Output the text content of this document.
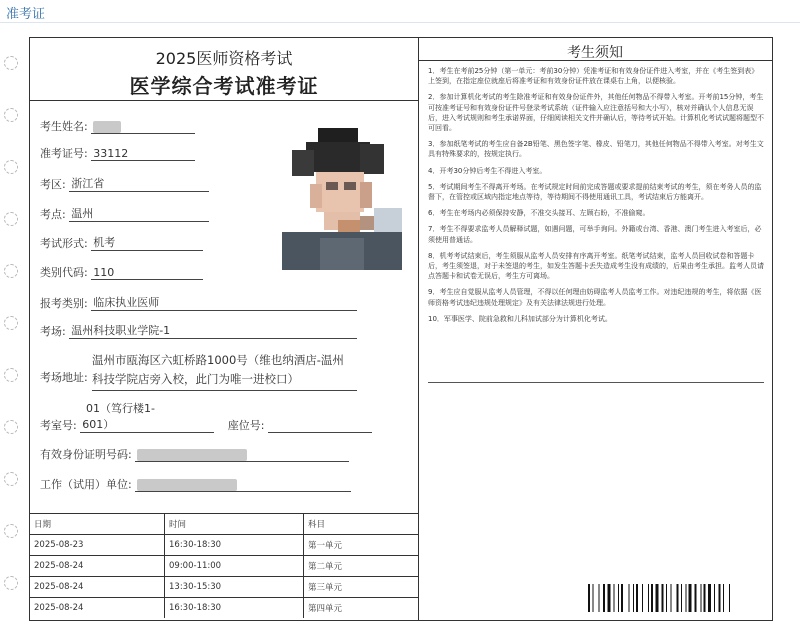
准考证
2025医师资格考试
医学综合考试准考证
考生姓名:
准考证号: 33112
考区: 浙江省
考点: 温州
考试形式: 机考
类别代码: 110
报考类别: 临床执业医师
考场: 温州科技职业学院-1
考场地址:
温州市瓯海区六虹桥路1000号（维也纳酒店-温州科技学院店旁入校，此门为唯一进校口）
01（笃行楼1-
考室号: 601）	座位号:
有效身份证明号码:
工作（试用）单位:
日期	时间	科目
2025-08-23	16:30-18:30	第一单元
2025-08-24	09:00-11:00	第二单元
2025-08-24	13:30-15:30	第三单元
2025-08-24	16:30-18:30	第四单元
考生须知

1．考生在考前25分钟（第一单元：考前30分钟）凭准考证和有效身份证件进入考室，并在《考生签到表》上签到，在指定座位就座后将准考证和有效身份证件放在课桌右上角，以便核验。

2．参加计算机化考试的考生除准考证和有效身份证件外，其他任何物品不得带入考室。开考前15分钟，考生可按准考证号和有效身份证件号登录考试系统（证件输入应注意括号和大小写），核对并确认个人信息无误后，进入考试规则和考生承诺界面，仔细阅读相关文件并确认后，等待考试开始。计算机化考试试题将题型不可回看。

3．参加纸笔考试的考生应自备2B铅笔、黑色签字笔、橡皮、铅笔刀，其他任何物品不得带入考室。对考生文具有特殊要求的，按规定执行。

4．开考30分钟后考生不得进入考室。

5．考试期间考生不得离开考场。在考试规定时间前完成答题或要求提前结束考试的考生，须在考务人员的监督下，在管控或区域内指定地点等待，等待期间不得使用通讯工具，考试结束后方能离开。

6．考生在考场内必须保持安静，不准交头接耳、左顾右盼，不准偷窥。

7．考生不得要求监考人员解释试题，如遇问题，可举手询问。外籍或台湾、香港、澳门考生进入考室后，必须使用普通话。

8．机考考试结束后，考生须服从监考人员安排有序离开考室。纸笔考试结束，监考人员回收试卷和答题卡后，考生须签退，对于未签退的考生，如发生答题卡丢失造成考生没有成绩的，后果由考生承担。监考人员请点答题卡和试卷无误后，考生方可离场。

9．考生应自觉服从监考人员管理，不得以任何理由妨碍监考人员监考工作。对违纪违规的考生，将依据《医师资格考试违纪违规处理规定》及有关法律法规进行处理。

10．军事医学、院前急救和儿科加试部分为计算机化考试。
